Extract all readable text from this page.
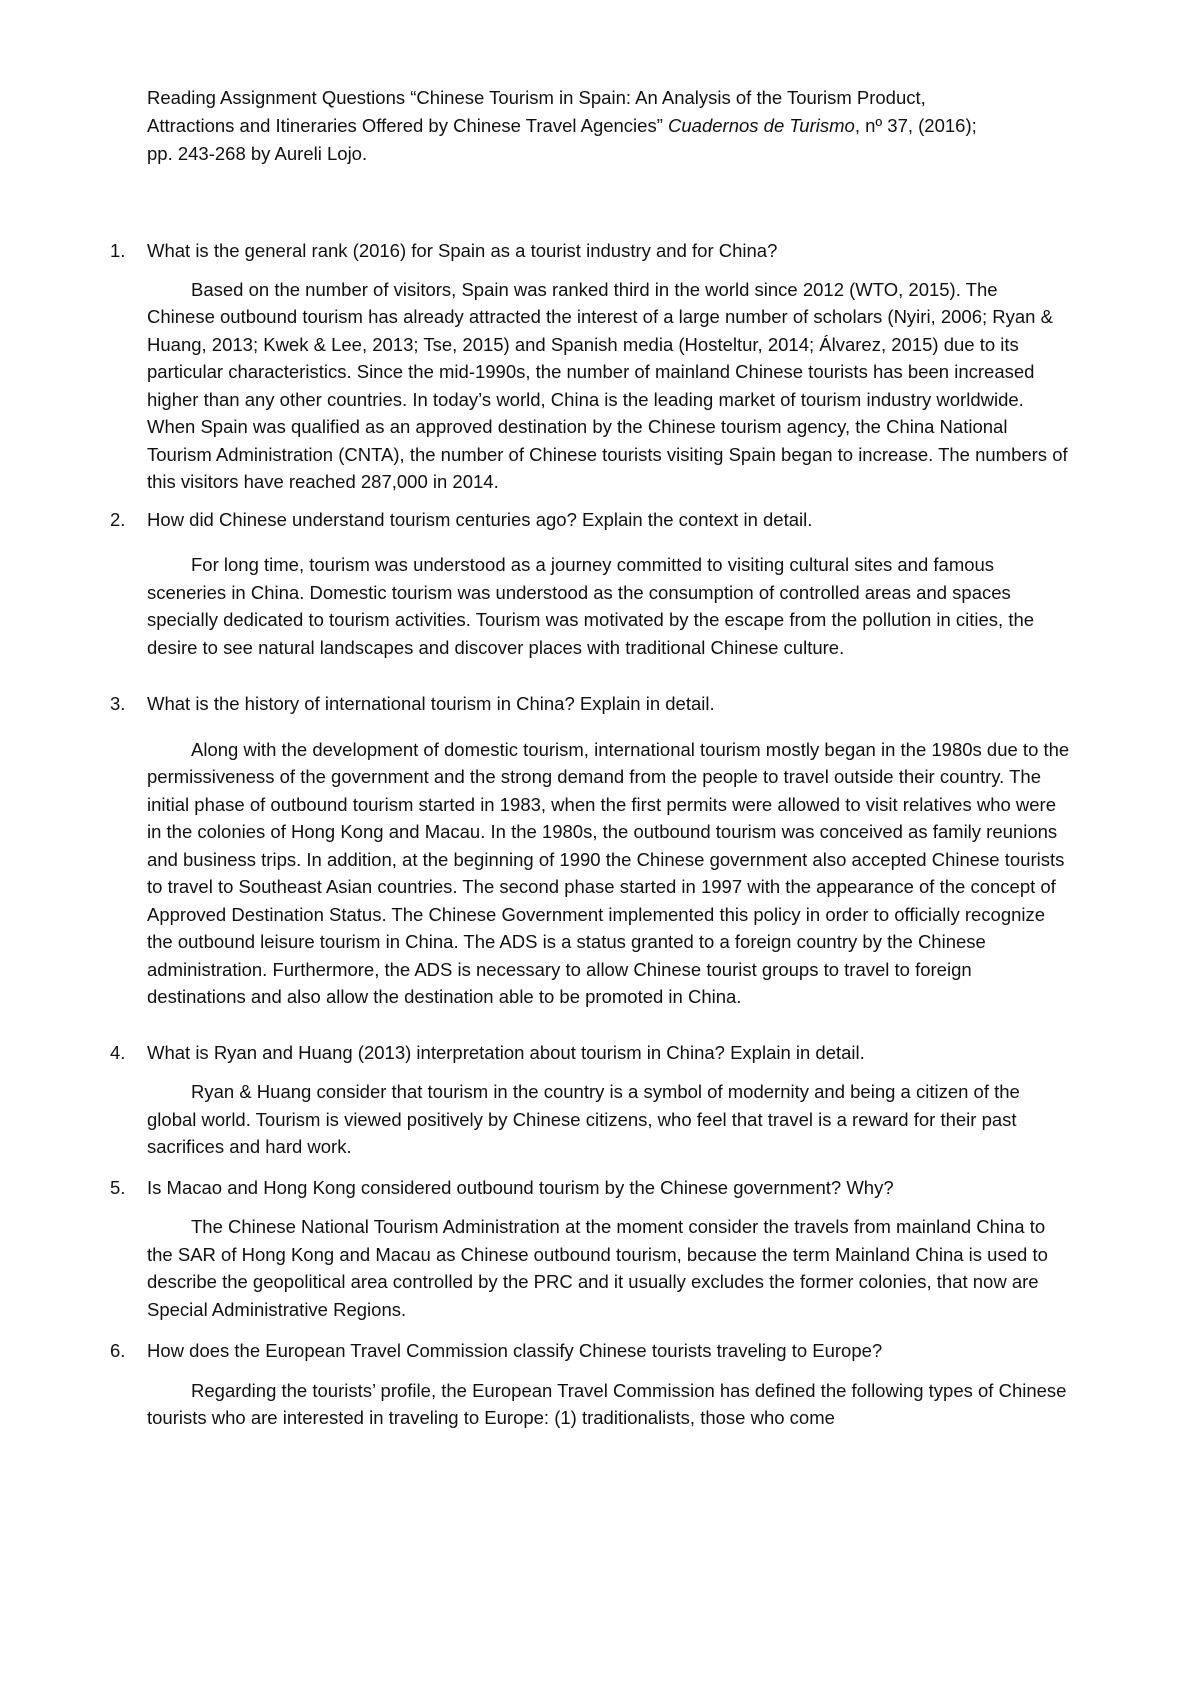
Reading Assignment Questions “Chinese Tourism in Spain: An Analysis of the Tourism Product,
Attractions and Itineraries Offered by Chinese Travel Agencies” Cuadernos de Turismo, nº 37, (2016);
pp. 243-268 by Aureli Lojo.
1.	What is the general rank (2016) for Spain as a tourist industry and for China?
Based on the number of visitors, Spain was ranked third in the world since 2012 (WTO, 2015). The Chinese outbound tourism has already attracted the interest of a large number of scholars (Nyiri, 2006; Ryan & Huang, 2013; Kwek & Lee, 2013; Tse, 2015) and Spanish media (Hosteltur, 2014; Álvarez, 2015) due to its particular characteristics. Since the mid-1990s, the number of mainland Chinese tourists has been increased higher than any other countries. In today’s world, China is the leading market of tourism industry worldwide. When Spain was qualified as an approved destination by the Chinese tourism agency, the China National Tourism Administration (CNTA), the number of Chinese tourists visiting Spain began to increase. The numbers of this visitors have reached 287,000 in 2014.
2.	How did Chinese understand tourism centuries ago? Explain the context in detail.
For long time, tourism was understood as a journey committed to visiting cultural sites and famous sceneries in China. Domestic tourism was understood as the consumption of controlled areas and spaces specially dedicated to tourism activities. Tourism was motivated by the escape from the pollution in cities, the desire to see natural landscapes and discover places with traditional Chinese culture.
3.	What is the history of international tourism in China? Explain in detail.
Along with the development of domestic tourism, international tourism mostly began in the 1980s due to the permissiveness of the government and the strong demand from the people to travel outside their country. The initial phase of outbound tourism started in 1983, when the first permits were allowed to visit relatives who were in the colonies of Hong Kong and Macau. In the 1980s, the outbound tourism was conceived as family reunions and business trips. In addition, at the beginning of 1990 the Chinese government also accepted Chinese tourists to travel to Southeast Asian countries. The second phase started in 1997 with the appearance of the concept of Approved Destination Status. The Chinese Government implemented this policy in order to officially recognize the outbound leisure tourism in China. The ADS is a status granted to a foreign country by the Chinese administration. Furthermore, the ADS is necessary to allow Chinese tourist groups to travel to foreign destinations and also allow the destination able to be promoted in China.
4.	What is Ryan and Huang (2013) interpretation about tourism in China? Explain in detail.
Ryan & Huang consider that tourism in the country is a symbol of modernity and being a citizen of the global world. Tourism is viewed positively by Chinese citizens, who feel that travel is a reward for their past sacrifices and hard work.
5.	Is Macao and Hong Kong considered outbound tourism by the Chinese government? Why?
The Chinese National Tourism Administration at the moment consider the travels from mainland China to the SAR of Hong Kong and Macau as Chinese outbound tourism, because the term Mainland China is used to describe the geopolitical area controlled by the PRC and it usually excludes the former colonies, that now are Special Administrative Regions.
6.	How does the European Travel Commission classify Chinese tourists traveling to Europe?
Regarding the tourists’ profile, the European Travel Commission has defined the following types of Chinese tourists who are interested in traveling to Europe: (1) traditionalists, those who come
